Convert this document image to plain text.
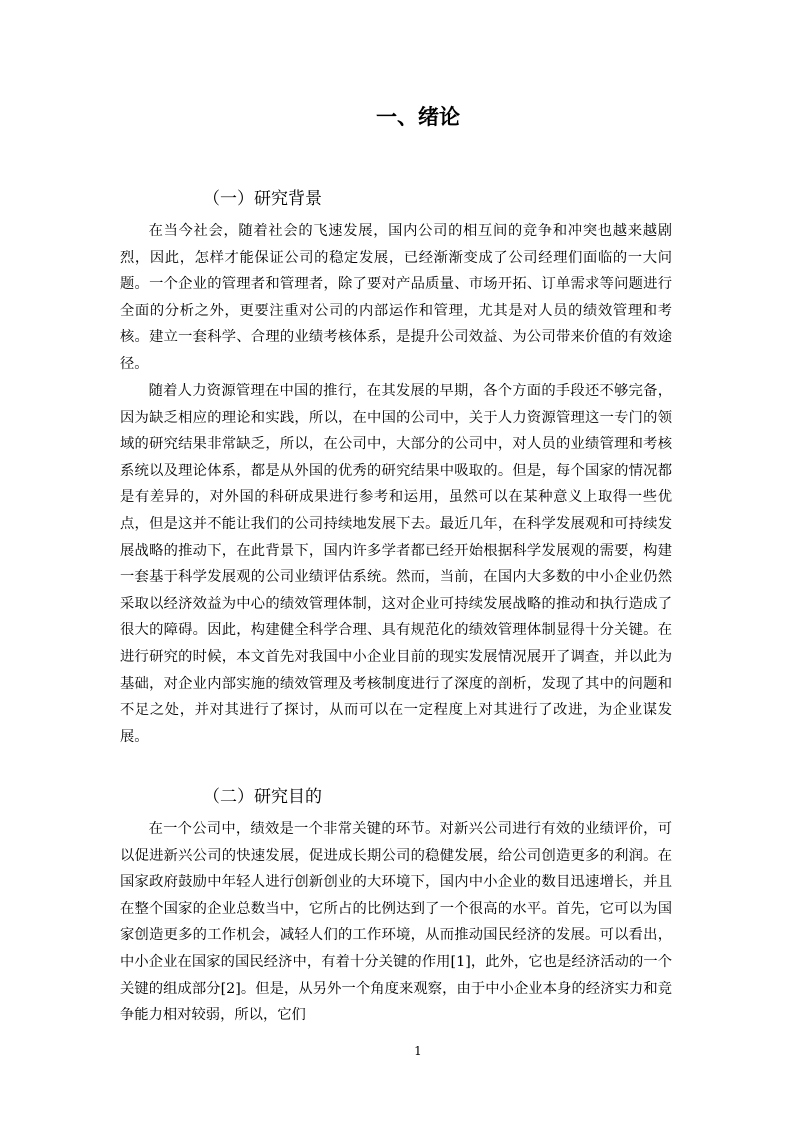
一、绪论
（一）研究背景

在当今社会，随着社会的飞速发展，国内公司的相互间的竞争和冲突也越来越剧烈，因此，怎样才能保证公司的稳定发展，已经渐渐变成了公司经理们面临的一大问题。一个企业的管理者和管理者，除了要对产品质量、市场开拓、订单需求等问题进行全面的分析之外，更要注重对公司的内部运作和管理，尤其是对人员的绩效管理和考核。建立一套科学、合理的业绩考核体系，是提升公司效益、为公司带来价值的有效途径。

随着人力资源管理在中国的推行，在其发展的早期，各个方面的手段还不够完备，因为缺乏相应的理论和实践，所以，在中国的公司中，关于人力资源管理这一专门的领域的研究结果非常缺乏，所以，在公司中，大部分的公司中，对人员的业绩管理和考核系统以及理论体系，都是从外国的优秀的研究结果中吸取的。但是，每个国家的情况都是有差异的，对外国的科研成果进行参考和运用，虽然可以在某种意义上取得一些优点，但是这并不能让我们的公司持续地发展下去。最近几年，在科学发展观和可持续发展战略的推动下，在此背景下，国内许多学者都已经开始根据科学发展观的需要，构建一套基于科学发展观的公司业绩评估系统。然而，当前，在国内大多数的中小企业仍然采取以经济效益为中心的绩效管理体制，这对企业可持续发展战略的推动和执行造成了很大的障碍。因此，构建健全科学合理、具有规范化的绩效管理体制显得十分关键。在进行研究的时候，本文首先对我国中小企业目前的现实发展情况展开了调查，并以此为基础，对企业内部实施的绩效管理及考核制度进行了深度的剖析，发现了其中的问题和不足之处，并对其进行了探讨，从而可以在一定程度上对其进行了改进，为企业谋发展。

（二）研究目的

在一个公司中，绩效是一个非常关键的环节。对新兴公司进行有效的业绩评价，可以促进新兴公司的快速发展，促进成长期公司的稳健发展，给公司创造更多的利润。在国家政府鼓励中年轻人进行创新创业的大环境下，国内中小企业的数目迅速增长，并且在整个国家的企业总数当中，它所占的比例达到了一个很高的水平。首先，它可以为国家创造更多的工作机会，减轻人们的工作环境，从而推动国民经济的发展。可以看出，中小企业在国家的国民经济中，有着十分关键的作用[1]，此外，它也是经济活动的一个关键的组成部分[2]。但是，从另外一个角度来观察，由于中小企业本身的经济实力和竞争能力相对较弱，所以，它们

1
